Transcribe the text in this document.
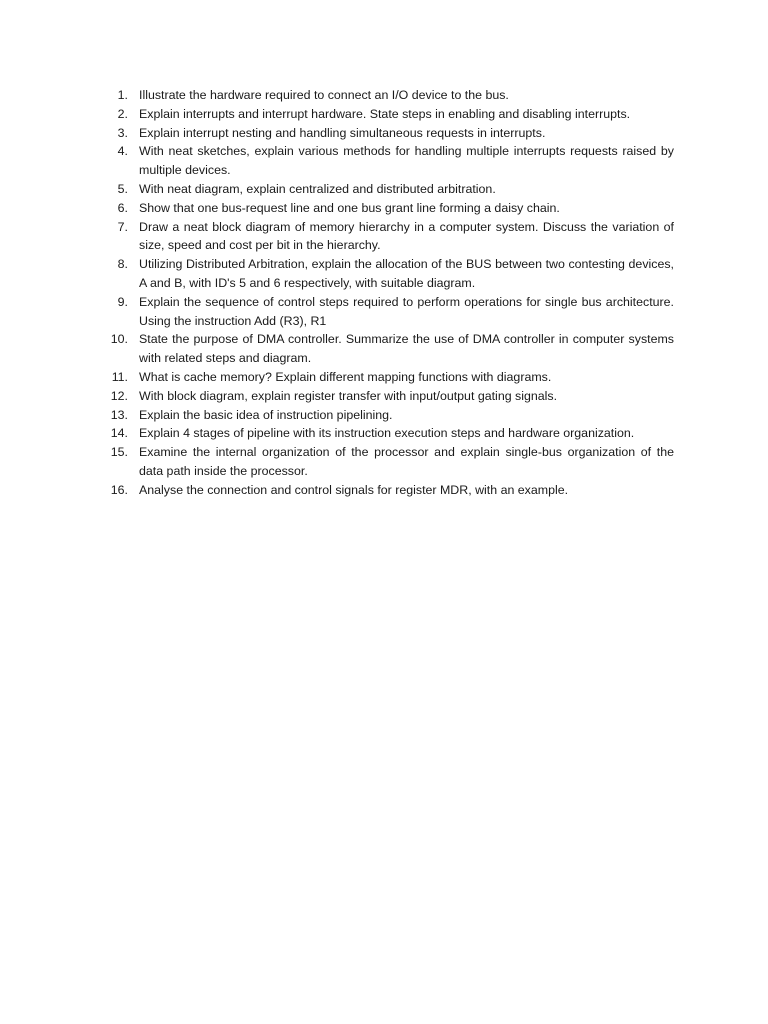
1. Illustrate the hardware required to connect an I/O device to the bus.
2. Explain interrupts and interrupt hardware. State steps in enabling and disabling interrupts.
3. Explain interrupt nesting and handling simultaneous requests in interrupts.
4. With neat sketches, explain various methods for handling multiple interrupts requests raised by multiple devices.
5. With neat diagram, explain centralized and distributed arbitration.
6. Show that one bus-request line and one bus grant line forming a daisy chain.
7. Draw a neat block diagram of memory hierarchy in a computer system. Discuss the variation of size, speed and cost per bit in the hierarchy.
8. Utilizing Distributed Arbitration, explain the allocation of the BUS between two contesting devices, A and B, with ID's 5 and 6 respectively, with suitable diagram.
9. Explain the sequence of control steps required to perform operations for single bus architecture. Using the instruction Add (R3), R1
10. State the purpose of DMA controller. Summarize the use of DMA controller in computer systems with related steps and diagram.
11. What is cache memory? Explain different mapping functions with diagrams.
12. With block diagram, explain register transfer with input/output gating signals.
13. Explain the basic idea of instruction pipelining.
14. Explain 4 stages of pipeline with its instruction execution steps and hardware organization.
15. Examine the internal organization of the processor and explain single-bus organization of the data path inside the processor.
16. Analyse the connection and control signals for register MDR, with an example.
